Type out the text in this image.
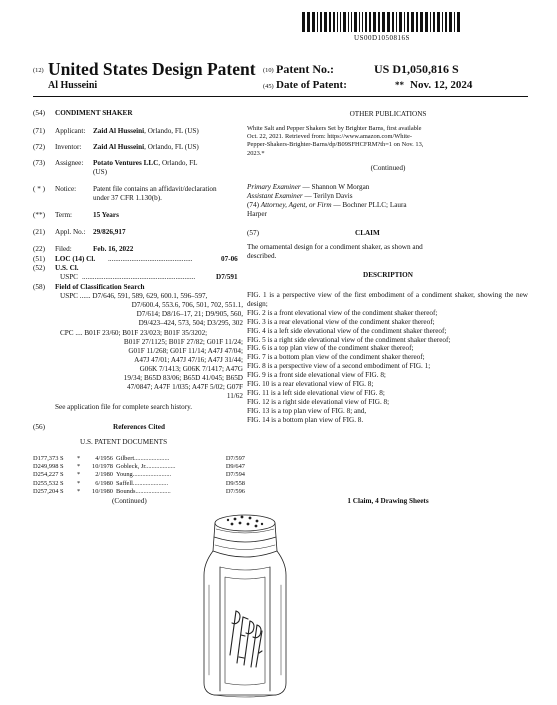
US00D1050816S
(12) United States Design Patent
Al Husseini
(10) Patent No.:	US D1,050,816 S
(45) Date of Patent:	** Nov. 12, 2024
(54) CONDIMENT SHAKER
(71) Applicant: Zaid Al Husseini, Orlando, FL (US)
(72) Inventor: Zaid Al Husseini, Orlando, FL (US)
(73) Assignee: Potato Ventures LLC, Orlando, FL
(US)
( * ) Notice: Patent file contains an affidavit/declaration
under 37 CFR 1.130(b).
(**) Term:	15 Years
(21) Appl. No.: 29/826,917
(22) Filed:	Feb. 16, 2022
(51) LOC (14) Cl. ...............................................	07-06
(52) U.S. Cl.
USPC ...............................................................	D7/591
(58) Field of Classification Search
USPC ...... D7/646, 591, 589, 629, 600.1, 596–597,
D7/600.4, 553.6, 706, 501, 702, 551.1,
D7/614; D8/16–17, 21; D9/905, 560,
D9/423–424, 573, 504; D3/295, 302
CPC .... B01F 23/60; B01F 23/023; B01F 35/3202;
B01F 27/1125; B01F 27/82; G01F 11/24;
G01F 11/268; G01F 11/14; A47J 47/04;
A47J 47/01; A47J 47/16; A47J 31/44;
G06K 7/1413; G06K 7/1417; A47G
19/34; B65D 83/06; B65D 41/045; B65D
47/0847; A47F 1/035; A47F 5/02; G07F
11/62
See application file for complete search history.
(56)	References Cited
U.S. PATENT DOCUMENTS
D177,373 S	*	4/1956 Gilbert ......................	D7/597
D249,998 S	*	10/1978 Gobleck, Jr. ..................	D9/647
D254,227 S	*	2/1980 Young ........................	D7/594
D255,532 S	*	6/1980 Saffell ......................	D9/558
D257,204 S	*	10/1980 Bounds ......................	D7/596
(Continued)
OTHER PUBLICATIONS
White Salt and Pepper Shakers Set by Brighter Barns, first available
Oct. 22, 2021. Retrieved from: https://www.amazon.com/White-
Pepper-Shakers-Brighter-Barns/dp/B09SFHCFRM?th=1 on Nov. 13,
2023.*
(Continued)
Primary Examiner — Shannon W Morgan
Assistant Examiner — Terilyn Davis
(74) Attorney, Agent, or Firm — Bochner PLLC; Laura
Harper
(57)	CLAIM
The ornamental design for a condiment shaker, as shown and
described.
DESCRIPTION

FIG. 1 is a perspective view of the first embodiment of a condiment shaker, showing the new design;

FIG. 2 is a front elevational view of the condiment shaker thereof;

FIG. 3 is a rear elevational view of the condiment shaker thereof;

FIG. 4 is a left side elevational view of the condiment shaker thereof;

FIG. 5 is a right side elevational view of the condiment shaker thereof;

FIG. 6 is a top plan view of the condiment shaker thereof;

FIG. 7 is a bottom plan view of the condiment shaker thereof;

FIG. 8 is a perspective view of a second embodiment of FIG. 1;

FIG. 9 is a front side elevational view of FIG. 8;

FIG. 10 is a rear elevational view of FIG. 8;

FIG. 11 is a left side elevational view of FIG. 8;

FIG. 12 is a right side elevational view of FIG. 8;

FIG. 13 is a top plan view of FIG. 8; and,

FIG. 14 is a bottom plan view of FIG. 8.

1 Claim, 4 Drawing Sheets
